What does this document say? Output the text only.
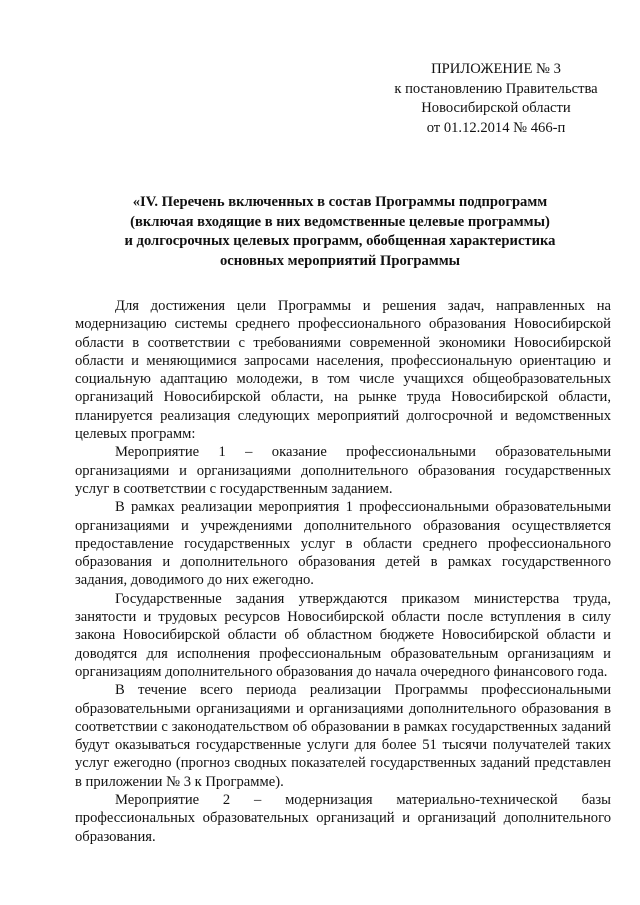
ПРИЛОЖЕНИЕ № 3
к постановлению Правительства
Новосибирской области
от 01.12.2014 № 466-п
«IV. Перечень включенных в состав Программы подпрограмм
(включая входящие в них ведомственные целевые программы)
и долгосрочных целевых программ, обобщенная характеристика
основных мероприятий Программы

Для достижения цели Программы и решения задач, направленных на модернизацию системы среднего профессионального образования Новосибирской области в соответствии с требованиями современной экономики Новосибирской области и меняющимися запросами населения, профессиональную ориентацию и социальную адаптацию молодежи, в том числе учащихся общеобразовательных организаций Новосибирской области, на рынке труда Новосибирской области, планируется реализация следующих мероприятий долгосрочной и ведомственных целевых программ:

Мероприятие 1 – оказание профессиональными образовательными организациями и организациями дополнительного образования государственных услуг в соответствии с государственным заданием.

В рамках реализации мероприятия 1 профессиональными образовательными организациями и учреждениями дополнительного образования осуществляется предоставление государственных услуг в области среднего профессионального образования и дополнительного образования детей в рамках государственного задания, доводимого до них ежегодно.

Государственные задания утверждаются приказом министерства труда, занятости и трудовых ресурсов Новосибирской области после вступления в силу закона Новосибирской области об областном бюджете Новосибирской области и доводятся для исполнения профессиональным образовательным организациям и организациям дополнительного образования до начала очередного финансового года.

В течение всего периода реализации Программы профессиональными образовательными организациями и организациями дополнительного образования в соответствии с законодательством об образовании в рамках государственных заданий будут оказываться государственные услуги для более 51 тысячи получателей таких услуг ежегодно (прогноз сводных показателей государственных заданий представлен в приложении № 3 к Программе).

Мероприятие 2 – модернизация материально-технической базы профессиональных образовательных организаций и организаций дополнительного образования.
